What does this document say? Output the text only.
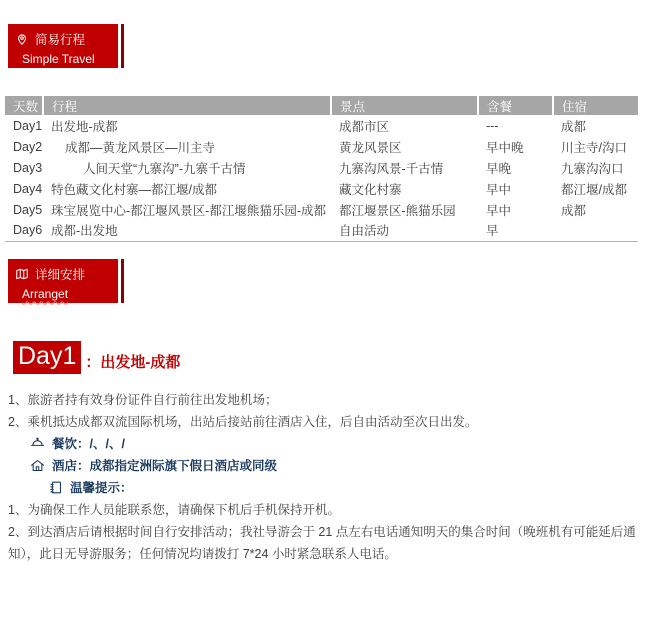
简易行程
Simple Travel
天数	行程	景点	含餐	住宿
Day1	出发地-成都	成都市区	---	成都
Day2	成都—黄龙风景区—川主寺	黄龙风景区	早中晚	川主寺/沟口
Day3	人间天堂“九寨沟”-九寨千古情	九寨沟风景-千古情	早晚	九寨沟沟口
Day4	特色藏文化村寨—都江堰/成都	藏文化村寨	早中	都江堰/成都
Day5	珠宝展览中心-都江堰风景区-都江堰熊猫乐园-成都	都江堰景区-熊猫乐园	早中	成都
Day6	成都-出发地	自由活动	早	
详细安排
Arranget
Day1 ：出发地-成都

1、旅游者持有效身份证件自行前往出发地机场；

2、乘机抵达成都双流国际机场，出站后接站前往酒店入住，后自由活动至次日出发。

餐饮：/、/、/
酒店：成都指定洲际旗下假日酒店或同级
温馨提示：

1、为确保工作人员能联系您，请确保下机后手机保持开机。

2、到达酒店后请根据时间自行安排活动；我社导游会于 21 点左右电话通知明天的集合时间（晚班机有可能延后通知），此日无导游服务；任何情况均请拨打 7*24 小时紧急联系人电话。
